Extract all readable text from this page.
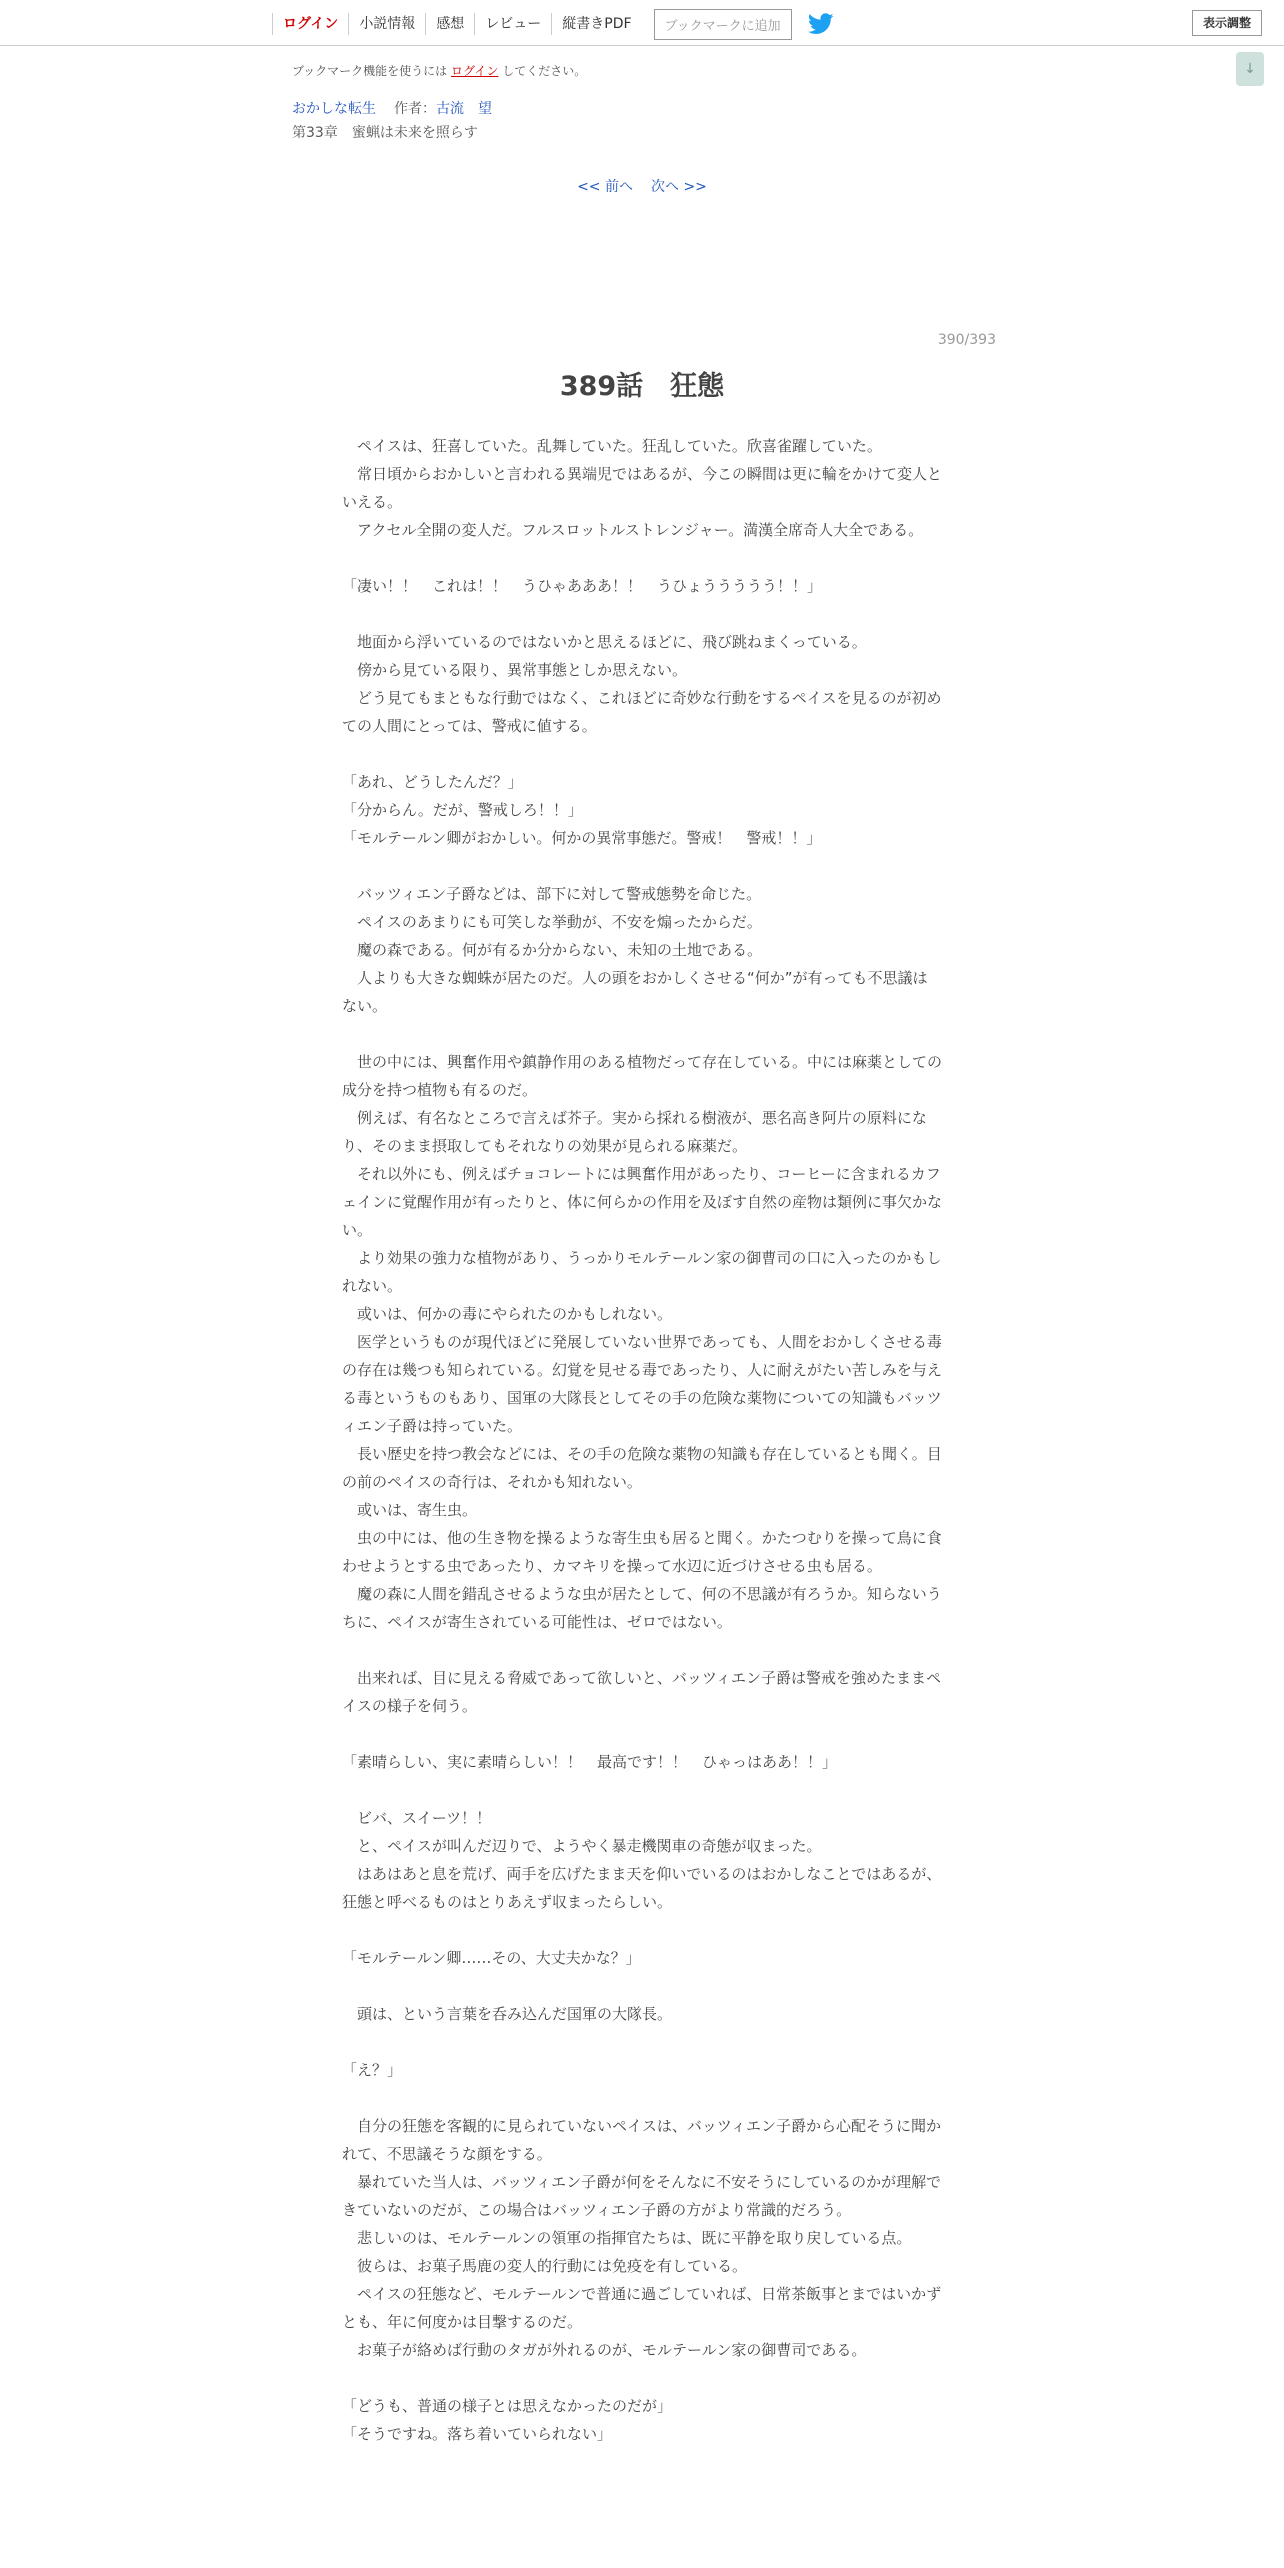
ログイン	小説情報	感想	レビュー	縦書きPDF	ブックマークに追加	表示調整
↓
ブックマーク機能を使うには ログイン してください。
おかしな転生 作者：古流　望
第33章　蜜蝋は未来を照らす
<< 前へ 次へ >>
390/393
389話　狂態

　ペイスは、狂喜していた。乱舞していた。狂乱していた。欣喜雀躍していた。

　常日頃からおかしいと言われる異端児ではあるが、今この瞬間は更に輪をかけて変人といえる。

　アクセル全開の変人だ。フルスロットルストレンジャー。満漢全席奇人大全である。

「凄い！！　これは！！　うひゃあああ！！　うひょううううう！！」

　地面から浮いているのではないかと思えるほどに、飛び跳ねまくっている。

　傍から見ている限り、異常事態としか思えない。

　どう見てもまともな行動ではなく、これほどに奇妙な行動をするペイスを見るのが初めての人間にとっては、警戒に値する。

「あれ、どうしたんだ？」

「分からん。だが、警戒しろ！！」

「モルテールン卿がおかしい。何かの異常事態だ。警戒！　警戒！！」

　バッツィエン子爵などは、部下に対して警戒態勢を命じた。

　ペイスのあまりにも可笑しな挙動が、不安を煽ったからだ。

　魔の森である。何が有るか分からない、未知の土地である。

　人よりも大きな蜘蛛が居たのだ。人の頭をおかしくさせる“何か”が有っても不思議はない。

　世の中には、興奮作用や鎮静作用のある植物だって存在している。中には麻薬としての成分を持つ植物も有るのだ。

　例えば、有名なところで言えば芥子。実から採れる樹液が、悪名高き阿片の原料になり、そのまま摂取してもそれなりの効果が見られる麻薬だ。

　それ以外にも、例えばチョコレートには興奮作用があったり、コーヒーに含まれるカフェインに覚醒作用が有ったりと、体に何らかの作用を及ぼす自然の産物は類例に事欠かない。

　より効果の強力な植物があり、うっかりモルテールン家の御曹司の口に入ったのかもしれない。

　或いは、何かの毒にやられたのかもしれない。

　医学というものが現代ほどに発展していない世界であっても、人間をおかしくさせる毒の存在は幾つも知られている。幻覚を見せる毒であったり、人に耐えがたい苦しみを与える毒というものもあり、国軍の大隊長としてその手の危険な薬物についての知識もバッツィエン子爵は持っていた。

　長い歴史を持つ教会などには、その手の危険な薬物の知識も存在しているとも聞く。目の前のペイスの奇行は、それかも知れない。

　或いは、寄生虫。

　虫の中には、他の生き物を操るような寄生虫も居ると聞く。かたつむりを操って鳥に食わせようとする虫であったり、カマキリを操って水辺に近づけさせる虫も居る。

　魔の森に人間を錯乱させるような虫が居たとして、何の不思議が有ろうか。知らないうちに、ペイスが寄生されている可能性は、ゼロではない。

　出来れば、目に見える脅威であって欲しいと、バッツィエン子爵は警戒を強めたままペイスの様子を伺う。

「素晴らしい、実に素晴らしい！！　最高です！！　ひゃっはああ！！」

　ビバ、スイーツ！！

　と、ペイスが叫んだ辺りで、ようやく暴走機関車の奇態が収まった。

　はあはあと息を荒げ、両手を広げたまま天を仰いでいるのはおかしなことではあるが、狂態と呼べるものはとりあえず収まったらしい。

「モルテールン卿……その、大丈夫かな？」

　頭は、という言葉を呑み込んだ国軍の大隊長。

「え？」

　自分の狂態を客観的に見られていないペイスは、バッツィエン子爵から心配そうに聞かれて、不思議そうな顔をする。

　暴れていた当人は、バッツィエン子爵が何をそんなに不安そうにしているのかが理解できていないのだが、この場合はバッツィエン子爵の方がより常識的だろう。

　悲しいのは、モルテールンの領軍の指揮官たちは、既に平静を取り戻している点。

　彼らは、お菓子馬鹿の変人的行動には免疫を有している。

　ペイスの狂態など、モルテールンで普通に過ごしていれば、日常茶飯事とまではいかずとも、年に何度かは目撃するのだ。

　お菓子が絡めば行動のタガが外れるのが、モルテールン家の御曹司である。

「どうも、普通の様子とは思えなかったのだが」

「そうですね。落ち着いていられない」
